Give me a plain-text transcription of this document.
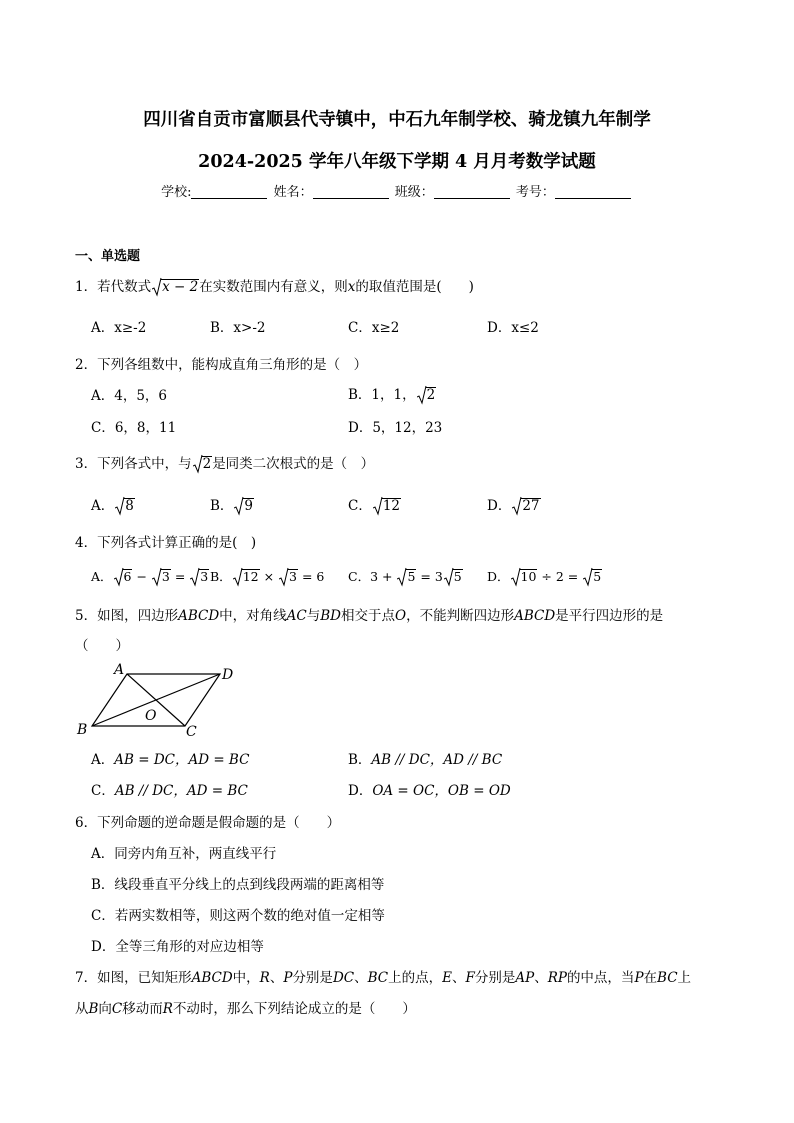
四川省自贡市富顺县代寺镇中，中石九年制学校、骑龙镇九年制学
2024-2025 学年八年级下学期 4 月月考数学试题
学校:	姓名：	班级：	考号：
一、单选题
1．若代数式 x − 2在实数范围内有意义，则x的取值范围是(　　)
A．x≥-2	B．x>-2	C．x≥2	D．x≤2
2．下列各组数中，能构成直角三角形的是（　）
A．4，5，6	B．1，1， 2
C．6，8，11	D．5，12，23
3．下列各式中，与 2是同类二次根式的是（　）
A． 8	B． 9	C． 12	D． 27
4．下列各式计算正确的是(　)
A． 6 −
3 =
3 B． 12 ×
3 = 6 C．3 +
5 = 3 5 D． 10 ÷ 2 =
5
5．如图，四边形ABCD中，对角线AC与BD相交于点O，不能判断四边形ABCD是平行四边形的是
（　　）
A	D
B	C
O
A．AB = DC，AD = BC	B．AB // DC，AD // BC
C．AB // DC，AD = BC	D．OA = OC，OB = OD
6．下列命题的逆命题是假命题的是（　　）
A．同旁内角互补，两直线平行
B．线段垂直平分线上的点到线段两端的距离相等
C．若两实数相等，则这两个数的绝对值一定相等
D．全等三角形的对应边相等
7．如图，已知矩形ABCD中，R、P分别是DC、BC上的点，E、F分别是AP、RP的中点，当P在BC上
从B向C移动而R不动时，那么下列结论成立的是（　　）
